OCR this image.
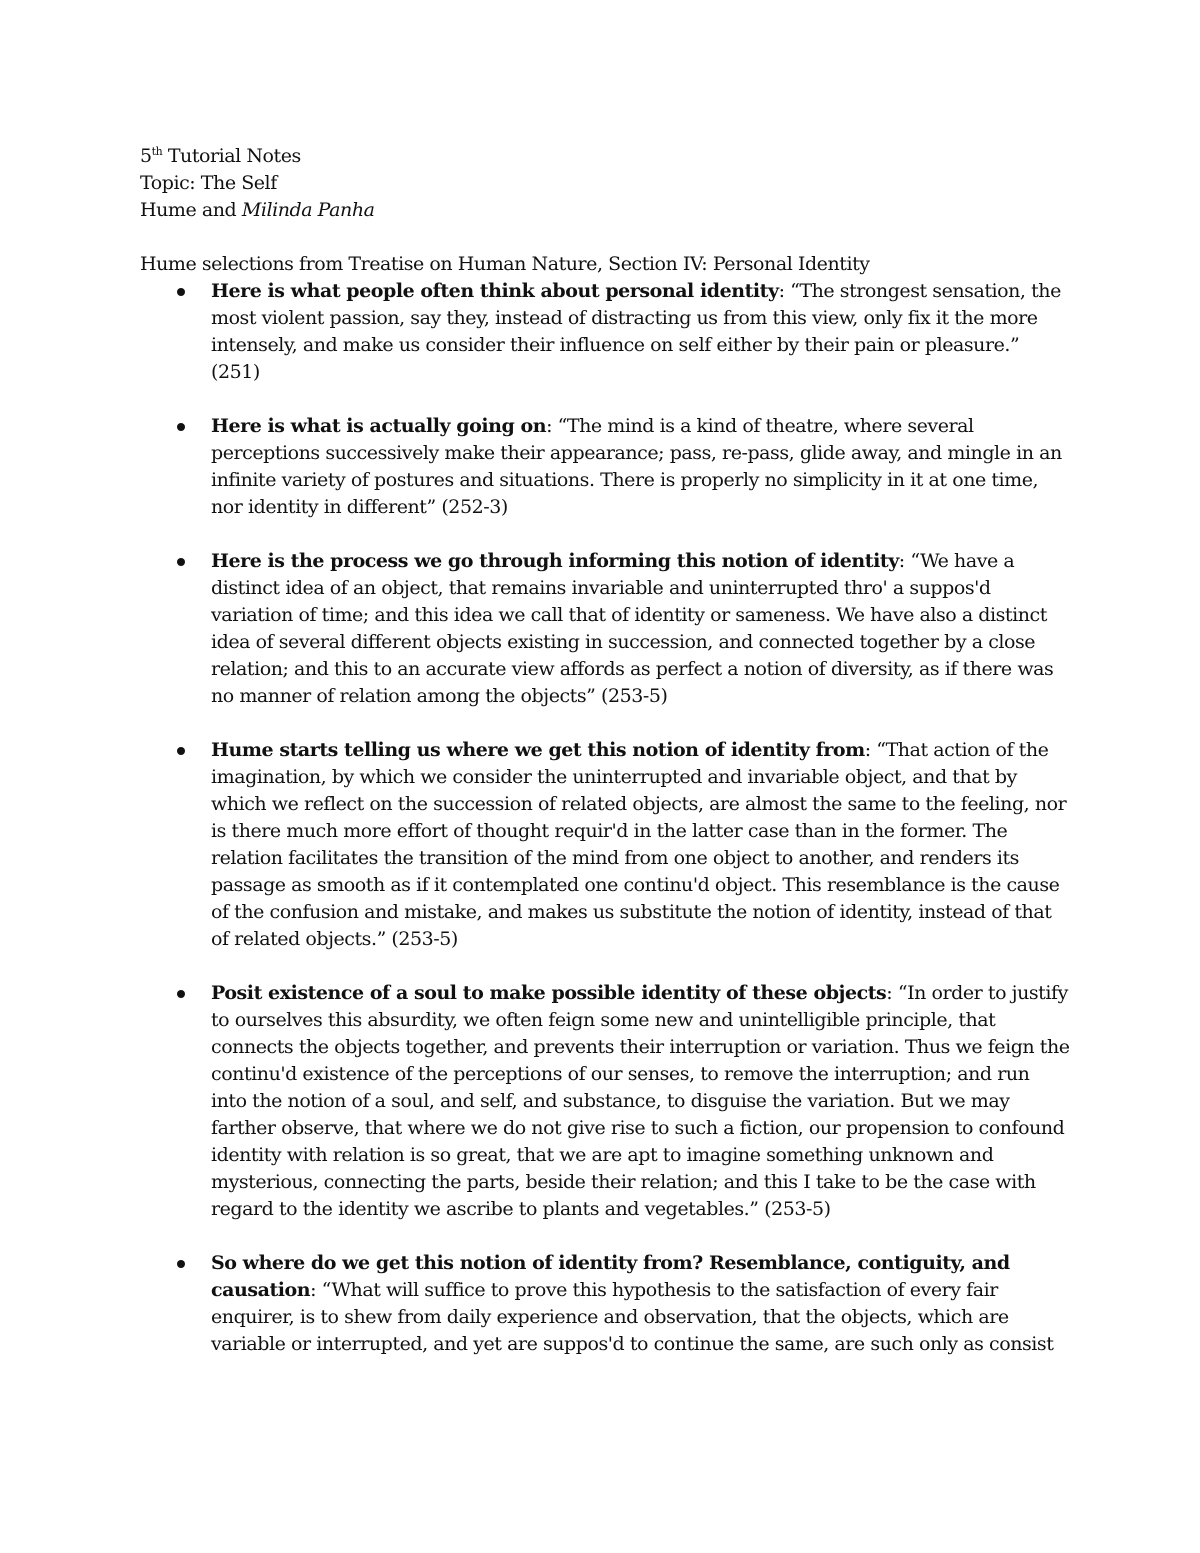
5th Tutorial Notes

Topic: The Self

Hume and Milinda Panha

Hume selections from Treatise on Human Nature, Section IV: Personal Identity

Here is what people often think about personal identity: “The strongest sensation, the most violent passion, say they, instead of distracting us from this view, only fix it the more intensely, and make us consider their influence on self either by their pain or pleasure.” (251)
Here is what is actually going on: “The mind is a kind of theatre, where several perceptions successively make their appearance; pass, re-pass, glide away, and mingle in an infinite variety of postures and situations. There is properly no simplicity in it at one time, nor identity in different” (252-3)
Here is the process we go through informing this notion of identity: “We have a distinct idea of an object, that remains invariable and uninterrupted thro' a suppos'd variation of time; and this idea we call that of identity or sameness. We have also a distinct idea of several different objects existing in succession, and connected together by a close relation; and this to an accurate view affords as perfect a notion of diversity, as if there was no manner of relation among the objects” (253-5)
Hume starts telling us where we get this notion of identity from: “That action of the imagination, by which we consider the uninterrupted and invariable object, and that by which we reflect on the succession of related objects, are almost the same to the feeling, nor is there much more effort of thought requir'd in the latter case than in the former. The relation facilitates the transition of the mind from one object to another, and renders its passage as smooth as if it contemplated one continu'd object. This resemblance is the cause of the confusion and mistake, and makes us substitute the notion of identity, instead of that of related objects.” (253-5)
Posit existence of a soul to make possible identity of these objects: “In order to justify to ourselves this absurdity, we often feign some new and unintelligible principle, that connects the objects together, and prevents their interruption or variation. Thus we feign the continu'd existence of the perceptions of our senses, to remove the interruption; and run into the notion of a soul, and self, and substance, to disguise the variation. But we may farther observe, that where we do not give rise to such a fiction, our propension to confound identity with relation is so great, that we are apt to imagine something unknown and mysterious, connecting the parts, beside their relation; and this I take to be the case with regard to the identity we ascribe to plants and vegetables.” (253-5)
So where do we get this notion of identity from? Resemblance, contiguity, and causation: “What will suffice to prove this hypothesis to the satisfaction of every fair enquirer, is to shew from daily experience and observation, that the objects, which are variable or interrupted, and yet are suppos'd to continue the same, are such only as consist
